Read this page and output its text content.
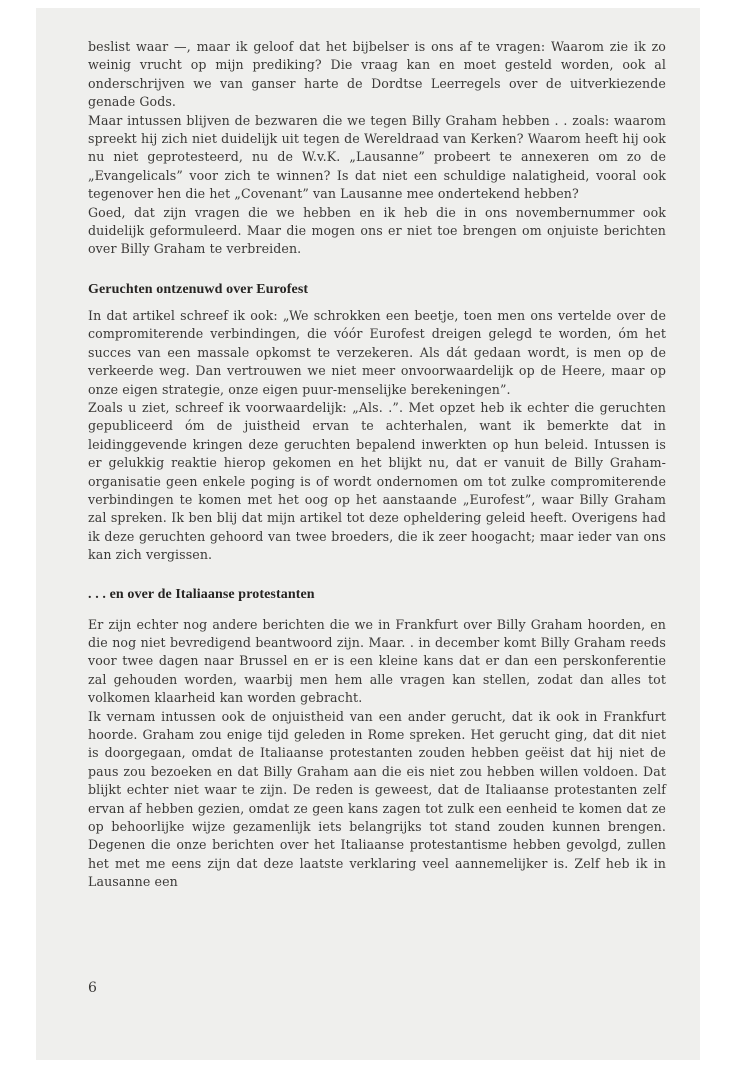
beslist waar —, maar ik geloof dat het bijbelser is ons af te vragen: Waarom zie ik zo weinig vrucht op mijn prediking? Die vraag kan en moet gesteld worden, ook al onderschrijven we van ganser harte de Dordtse Leerregels over de uitverkiezende genade Gods.

Maar intussen blijven de bezwaren die we tegen Billy Graham hebben . . zoals: waarom spreekt hij zich niet duidelijk uit tegen de Wereldraad van Kerken? Waarom heeft hij ook nu niet geprotesteerd, nu de W.v.K. „Lausanne” probeert te annexeren om zo de „Evangelicals” voor zich te winnen? Is dat niet een schuldige nalatigheid, vooral ook tegenover hen die het „Covenant” van Lausanne mee ondertekend hebben?

Goed, dat zijn vragen die we hebben en ik heb die in ons novembernummer ook duidelijk geformuleerd. Maar die mogen ons er niet toe brengen om onjuiste berichten over Billy Graham te verbreiden.

Geruchten ontzenuwd over Eurofest

In dat artikel schreef ik ook: „We schrokken een beetje, toen men ons vertelde over de compromiterende verbindingen, die vóór Eurofest dreigen gelegd te worden, óm het succes van een massale opkomst te verzekeren. Als dát gedaan wordt, is men op de verkeerde weg. Dan vertrouwen we niet meer onvoorwaardelijk op de Heere, maar op onze eigen strategie, onze eigen puur-menselijke berekeningen”.

Zoals u ziet, schreef ik voorwaardelijk: „Als. .”. Met opzet heb ik echter die geruchten gepubliceerd óm de juistheid ervan te achterhalen, want ik bemerkte dat in leidinggevende kringen deze geruchten bepalend inwerkten op hun beleid. Intussen is er gelukkig reaktie hierop gekomen en het blijkt nu, dat er vanuit de Billy Graham-organisatie geen enkele poging is of wordt ondernomen om tot zulke compromiterende verbindingen te komen met het oog op het aanstaande „Eurofest”, waar Billy Graham zal spreken. Ik ben blij dat mijn artikel tot deze opheldering geleid heeft. Overigens had ik deze geruchten gehoord van twee broeders, die ik zeer hoogacht; maar ieder van ons kan zich vergissen.

. . . en over de Italiaanse protestanten

Er zijn echter nog andere berichten die we in Frankfurt over Billy Graham hoorden, en die nog niet bevredigend beantwoord zijn. Maar. . in december komt Billy Graham reeds voor twee dagen naar Brussel en er is een kleine kans dat er dan een perskonferentie zal gehouden worden, waarbij men hem alle vragen kan stellen, zodat dan alles tot volkomen klaarheid kan worden gebracht.

Ik vernam intussen ook de onjuistheid van een ander gerucht, dat ik ook in Frankfurt hoorde. Graham zou enige tijd geleden in Rome spreken. Het gerucht ging, dat dit niet is doorgegaan, omdat de Italiaanse protestanten zouden hebben geëist dat hij niet de paus zou bezoeken en dat Billy Graham aan die eis niet zou hebben willen voldoen. Dat blijkt echter niet waar te zijn. De reden is geweest, dat de Italiaanse protestanten zelf ervan af hebben gezien, omdat ze geen kans zagen tot zulk een eenheid te komen dat ze op behoorlijke wijze gezamenlijk iets belangrijks tot stand zouden kunnen brengen. Degenen die onze berichten over het Italiaanse protestantisme hebben gevolgd, zullen het met me eens zijn dat deze laatste verklaring veel aannemelijker is. Zelf heb ik in Lausanne een

6
